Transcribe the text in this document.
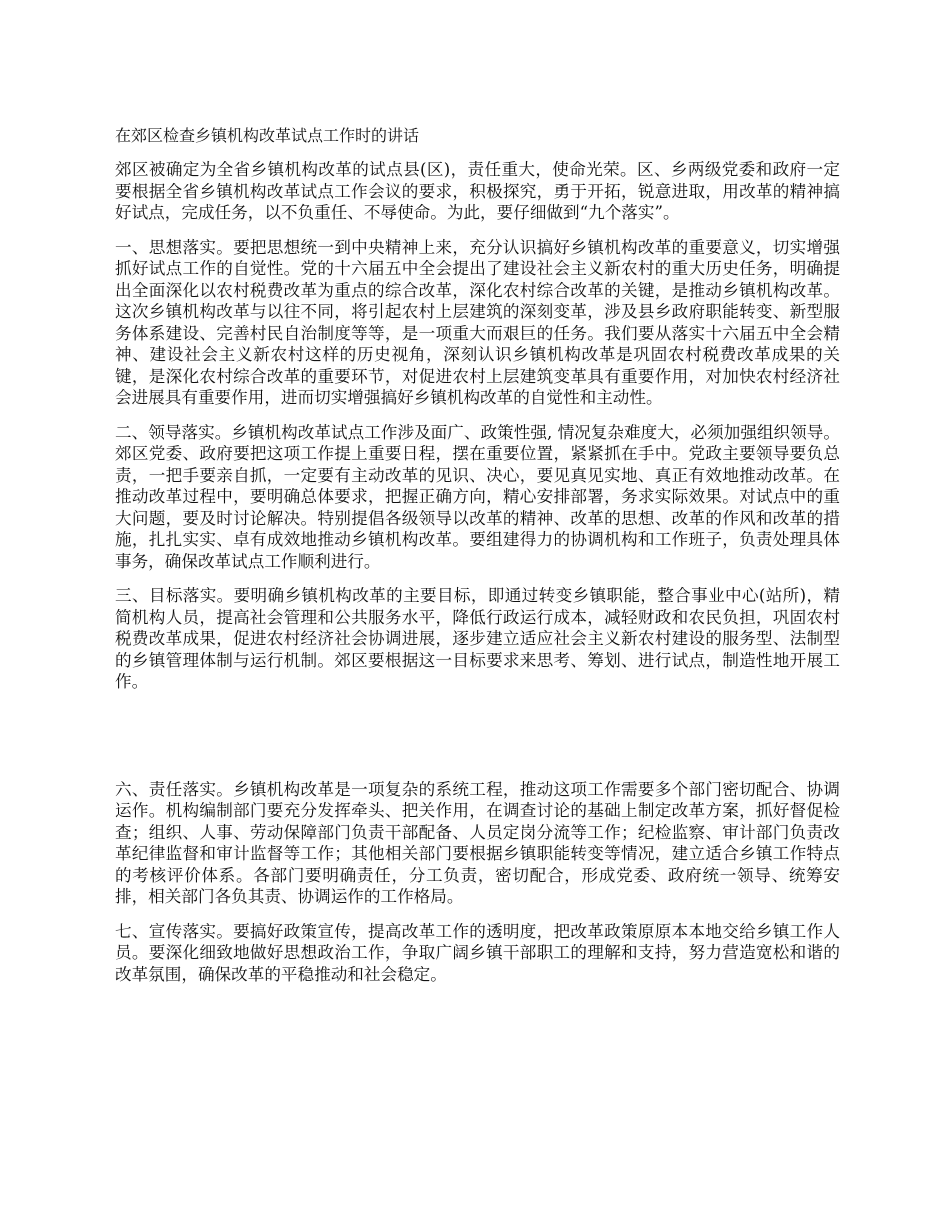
在郊区检查乡镇机构改革试点工作时的讲话

郊区被确定为全省乡镇机构改革的试点县(区)，责任重大，使命光荣。区、乡两级党委和政府一定要根据全省乡镇机构改革试点工作会议的要求，积极探究，勇于开拓，锐意进取，用改革的精神搞好试点，完成任务，以不负重任、不辱使命。为此，要仔细做到“九个落实”。

一、思想落实。要把思想统一到中央精神上来，充分认识搞好乡镇机构改革的重要意义，切实增强抓好试点工作的自觉性。党的十六届五中全会提出了建设社会主义新农村的重大历史任务，明确提出全面深化以农村税费改革为重点的综合改革，深化农村综合改革的关键，是推动乡镇机构改革。这次乡镇机构改革与以往不同，将引起农村上层建筑的深刻变革，涉及县乡政府职能转变、新型服务体系建设、完善村民自治制度等等，是一项重大而艰巨的任务。我们要从落实十六届五中全会精神、建设社会主义新农村这样的历史视角，深刻认识乡镇机构改革是巩固农村税费改革成果的关键，是深化农村综合改革的重要环节，对促进农村上层建筑变革具有重要作用，对加快农村经济社会进展具有重要作用，进而切实增强搞好乡镇机构改革的自觉性和主动性。

二、领导落实。乡镇机构改革试点工作涉及面广、政策性强, 情况复杂难度大，必须加强组织领导。郊区党委、政府要把这项工作提上重要日程，摆在重要位置，紧紧抓在手中。党政主要领导要负总责，一把手要亲自抓，一定要有主动改革的见识、决心，要见真见实地、真正有效地推动改革。在推动改革过程中，要明确总体要求，把握正确方向，精心安排部署，务求实际效果。对试点中的重大问题，要及时讨论解决。特别提倡各级领导以改革的精神、改革的思想、改革的作风和改革的措施，扎扎实实、卓有成效地推动乡镇机构改革。要组建得力的协调机构和工作班子，负责处理具体事务，确保改革试点工作顺利进行。

三、目标落实。要明确乡镇机构改革的主要目标，即通过转变乡镇职能，整合事业中心(站所)，精简机构人员，提高社会管理和公共服务水平，降低行政运行成本，减轻财政和农民负担，巩固农村税费改革成果，促进农村经济社会协调进展，逐步建立适应社会主义新农村建设的服务型、法制型的乡镇管理体制与运行机制。郊区要根据这一目标要求来思考、筹划、进行试点，制造性地开展工作。

六、责任落实。乡镇机构改革是一项复杂的系统工程，推动这项工作需要多个部门密切配合、协调运作。机构编制部门要充分发挥牵头、把关作用，在调查讨论的基础上制定改革方案，抓好督促检查；组织、人事、劳动保障部门负责干部配备、人员定岗分流等工作；纪检监察、审计部门负责改革纪律监督和审计监督等工作；其他相关部门要根据乡镇职能转变等情况，建立适合乡镇工作特点的考核评价体系。各部门要明确责任，分工负责，密切配合，形成党委、政府统一领导、统筹安排，相关部门各负其责、协调运作的工作格局。

七、宣传落实。要搞好政策宣传，提高改革工作的透明度，把改革政策原原本本地交给乡镇工作人员。要深化细致地做好思想政治工作，争取广阔乡镇干部职工的理解和支持，努力营造宽松和谐的改革氛围，确保改革的平稳推动和社会稳定。
